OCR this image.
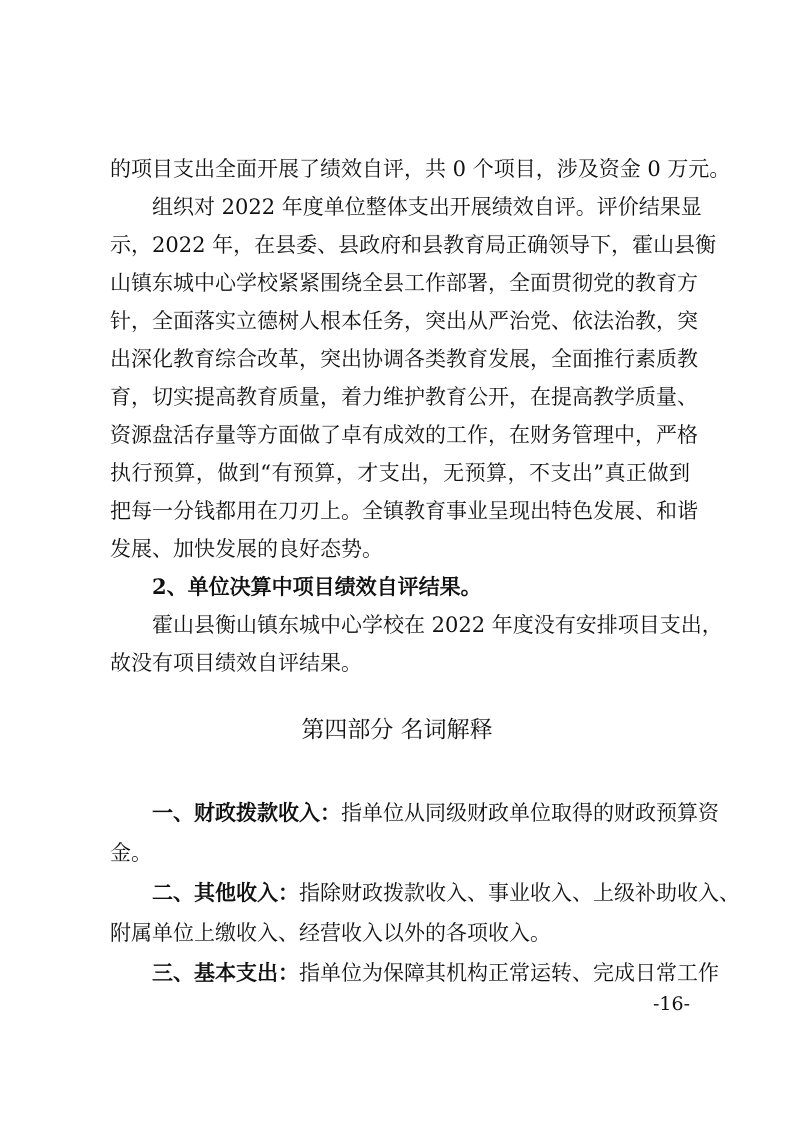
的项目支出全面开展了绩效自评，共 0 个项目，涉及资金 0 万元。
组织对 2022 年度单位整体支出开展绩效自评。评价结果显
示，2022 年，在县委、县政府和县教育局正确领导下，霍山县衡
山镇东城中心学校紧紧围绕全县工作部署，全面贯彻党的教育方
针，全面落实立德树人根本任务，突出从严治党、依法治教，突
出深化教育综合改革，突出协调各类教育发展，全面推行素质教
育，切实提高教育质量，着力维护教育公开，在提高教学质量、
资源盘活存量等方面做了卓有成效的工作，在财务管理中，严格
执行预算，做到“有预算，才支出，无预算，不支出”真正做到
把每一分钱都用在刀刃上。全镇教育事业呈现出特色发展、和谐
发展、加快发展的良好态势。
2、单位决算中项目绩效自评结果。
霍山县衡山镇东城中心学校在 2022 年度没有安排项目支出，
故没有项目绩效自评结果。
第四部分 名词解释
一、财政拨款收入：指单位从同级财政单位取得的财政预算资
金。
二、其他收入：指除财政拨款收入、事业收入、上级补助收入、
附属单位上缴收入、经营收入以外的各项收入。
三、基本支出：指单位为保障其机构正常运转、完成日常工作
-16-
